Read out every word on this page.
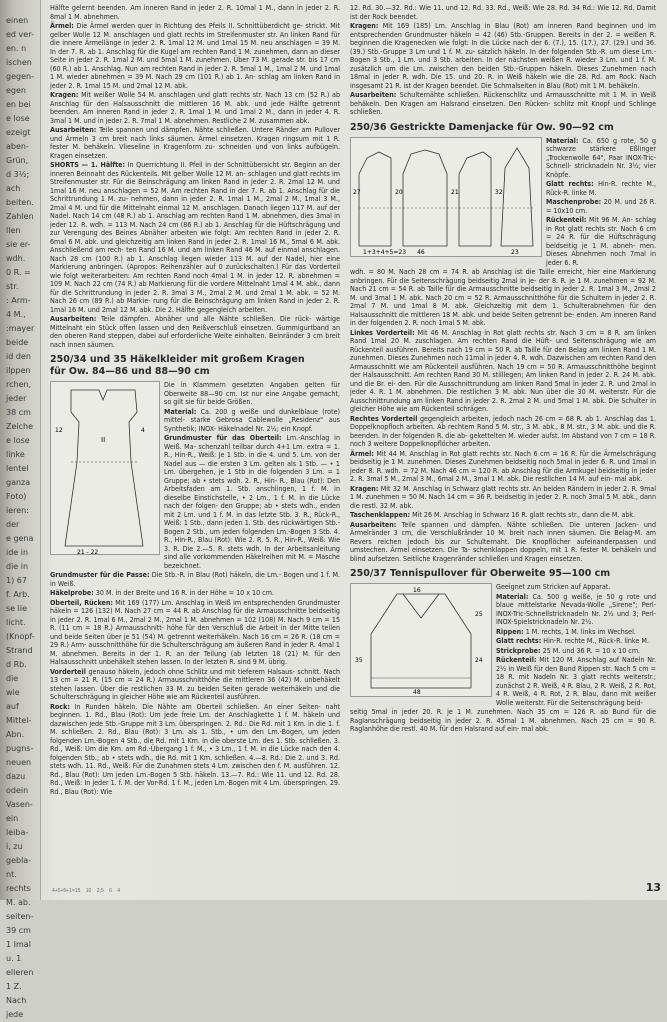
einen
ed ver-
en. n
ischen
gegen-
egen
en bei
e lose
ezeigt
aben-
Grün,
d 3½;
ach
beiten.
Zahlen
llen
sie er-
wdh.
0 R. =
str.
: Arm-
4 M.,
:mayer
beide
id den
ilppen
rchen,
jeder
38 cm
Zeiche
e lose
linke
lentel
ganza
Foto)
ieren:
der
e gena
ide in
die in
1) 67
f. Arb.
se lie
licht.
(Knopf-
Strand
d Rb.
die
wie
auf
Mittel-
Abn.
pugns-
neuen
dazu
odein
Vasen-
ein
leiba-
i, zu
gebla-
nt.
rechts
M. ab.
seiten-
39 cm
1 Imal
u. 1
elleren
1 Z.
Nach
jede

Hälfte gelernt beenden. Am inneren Rand in jeder 2. R. 10mal 1 M., dann in jeder 2. R. 8mal 1 M. abnehmen.

Ärmel: Die Ärmel werden quer in Richtung des Pfeils II. Schnittüberdicht ge- strickt. Mit gelber Wolle 12 M. anschlagen und glatt rechts im Streifenmuster str. An linken Rand für die innere Ärmellänge in jeder 2. R. 1mal 12 M. und 1mal 15 M. neu anschlagen = 39 M. In der 7. R. ab 1. Anschlag für die Kugel am rechten Rand 1 M. zunehmen, dann an dieser Seite in jeder 2. R. 1mal 2 M. und 5mal 1 M. zunehmen. Über 73 M. gerade str. bis 17 cm (60 R.) ab 1. Anschlag. Nun am rechten Rand in jeder 2. R. 5mal 1 M., 1mal 2 M. und 1mal 1 M. wieder abnehmen = 39 M. Nach 29 cm (101 R.) ab 1. An- schlag am linken Rand in jeder 2. R. 1mal 15 M. und 2mal 12 M. abk.

Kragen: Mit weißer Wolle 54 M. anschlagen und glatt rechts str. Nach 13 cm (52 R.) ab Anschlag für den Halsausschnitt die mittleren 16 M. abk. und jede Hälfte getrennt beenden. Am inneren Rand in jeder 2. R. 1mal 1 M. und 1mal 2 M., dann in jeder 4. R. 3mal 1 M. und in jeder 2. R. 7mal 1 M. abnehmen. Restliche 2 M. zusammen abk.

Ausarbeiten: Teile spannen und dämpfen. Nähte schließen. Untere Ränder am Pullover und Ärmeln 3 cm breit nach links säumen. Ärmel einsetzen. Kragen ringsum mit 1 R. fester M. behäkeln. Vlieseline in Kragenform zu- schneiden und von links aufbügeln. Kragen einsetzen.

SHORTS — 1. Hälfte: In Querrichtung II. Pfeil in der Schnittübersicht str. Beginn an der inneren Beinnaht des Rückenteils. Mit gelber Wolle 12 M. an- schlagen und glatt rechts im Streifenmuster str. Für die Beinschrägung am linken Rand in jeder 2. R. 2mal 12 M. und 1mal 16 M. neu anschlagen = 52 M. Am rechten Rand in der 7. R. ab 1. Anschlag für die Schrittrundung 1 M. zu- nehmen, dann in jeder 2. R. 1mal 1 M., 2mal 2 M., 1mal 3 M., 2mal 4 M. und für die Mittelnaht einmal 12 M. anschlagen. Danach liegen 117 M. auf der Nadel. Nach 14 cm (48 R.) ab 1. Anschlag am rechten Rand 1 M. abnehmen, dies 3mal in jeder 12. R. wdh. = 113 M. Nach 24 cm (86 R.) ab 1. Anschlag für die Hüftschrägung und zur Verengung des Beines Abnäher arbeiten wie folgt: Am rechten Rand in jeder 2. R. 6mal 6 M. abk. und gleichzeitig am linken Rand in jeder 2. R. 1mal 16 M., 5mal 6 M. abk. Anschließend am rech- ten Rand 16 M. und am linken Rand 46 M. auf einmal anschlagen. Nach 28 cm (100 R.) ab 1. Anschlag liegen wieder 113 M. auf der Nadel, hier eine Markierung anbringen. (Apropos: Reihenzähler auf 0 zurückschalten.) Für das Vorderteil wie folgt weiterarbeiten: Am rechten Rand noch 4mal 1 M. in jeder 12. R. abnehmen = 109 M. Nach 22 cm (74 R.) ab Markierung für die vordere Mittelnaht 1mal 4 M. abk., dann für die Schrittrundung in jeder 2. R. 3mal 3 M., 2mal 2 M. und 2mal 1 M. abk. = 52 M. Nach 26 cm (89 R.) ab Markie- rung für die Beinschrägung am linken Rand in jeder 2. R. 1mal 16 M. und 2mal 12 M. abk. Die 2. Hälfte gegengleich arbeiten.

Ausarbeiten: Teile dämpfen. Abnäher und alle Nähte schließen. Die rück- wärtige Mittelnaht ein Stück offen lassen und den Reißverschluß einsetzen. Gummigurtband an den oberen Rand steppen, dabei auf erforderliche Weite einhalten. Beinränder 3 cm breit nach innen säumen.

250/34 und 35 Häkelkleider mit großem Kragen
für Ow. 84—86 und 88—90 cm
21 - 22
II
12	4

Die in Klammern gesetzten Angaben gelten für Oberweite 88—90 cm. Ist nur eine Angabe gemacht, so gilt sie für beide Größen.

Material: Ca. 200 g weiße und dunkelblaue (rote) mittel- starke Gebrosa Cablewolle „Residenz" aus Synthetik; INOX- Häkelnadel Nr. 2½; ein Knopf.

Grundmuster für das Oberteil: Lm.-Anschlag in Weiß. Ma- schenzahl teilbar durch 4+1 Lm. extra = 1. R., Hin-R., Weiß: Je 1 Stb. in die 4. und 5. Lm. von der Nadel aus — die ersten 3 Lm. gelten als 1 Stb. — • 1 Lm. übergehen, je 1 Stb in die folgenden 3 Lm. = 1 Gruppe; ab • stets wdh. 2. R., Hin- R., Blau (Rot): Den Arbeitsfaden am 1. Stb. anschlingen, 1 f. M. in dieselbe Einstichstelle, • 2 Lm., 1 f. M. in die Lücke nach der folgen- den Gruppe; ab • stets wdh., enden mit 2 Lm. und 1 f. M. in das letzte Stb. 3. R., Rück-R., Weiß: 1 Stb., dann jeden 1. Stb. des rückwärtigen Stb.-Bogen 2 Stb., um jeden folgenden Lm.-Bogen 3 Stb. 4. R., Hin-R., Blau (Rot): Wie 2. R. 5. R., Hin-R., Weiß: Wie 3. R. Die 2.—5. R. stets wdh. In der Arbeitsanleitung sind alle vorkommenden Häkelreihen mit M. = Masche bezeichnet.

Grundmuster für die Passe: Die Stb.-R. in Blau (Rot) häkeln, die Lm.- Bogen und 1 f. M. in Weiß.

Häkelprobe: 30 M. in der Breite und 16 R. in der Höhe = 10 x 10 cm.

Oberteil, Rücken: Mit 169 (177) Lm. Anschlag in Weiß im entsprechenden Grundmuster häkeln = 126 (132) M. Nach 27 cm = 44 R. ab Anschlag für die Armausschnitte beidseitig in jeder 2. R. 1mal 6 M., 2mal 2 M., 2mal 1 M. abnehmen = 102 (108) M. Nach 9 cm = 15 R. (11 cm = 18 R.) Armausschnitt- höhe für den Verschluß die Arbeit in der Mitte teilen und beide Seiten über je 51 (54) M. getrennt weiterhäkeln. Nach 16 cm = 26 R. (18 cm = 29 R.) Arm- ausschnitthöhe für die Schulterschrägung am äußeren Rand in jeder R. 4mal 1 M. abnehmen. Bereits in der 1. R. an der Teilung (ab letzten 18 (21) M. für den Halsausschnitt unbehäkelt stehen lassen. In der letzten R. sind 9 M. übrig.

Vorderteil genauso häkeln, jedoch ohne Schlitz und mit tieferem Halsaus- schnitt. Nach 13 cm = 21 R. (15 cm = 24 R.) Armausschnitthöhe die mittleren 36 (42) M. unbehäkelt stehen lassen. Über die restlichen 33 M. zu beiden Seiten gerade weiterhäkeln und die Schulterschrägung in gleicher Höhe wie am Rückenteil ausführen.

Rock: In Runden häkeln. Die Nähte am Oberteil schließen. An einer Seiten- naht beginnen. 1. Rd., Blau (Rot): Um jede freie Lm. der Anschlagkette 1 f. M. häkeln und dazwischen jede Stb.-Gruppe mit 3 Lm. überspringen. 2. Rd.: Die Rd. mit 1 Km. in die 1. f. M. schließen. 2. Rd., Blau (Rot): 3 Lm. als 1. Stb., • um den Lm.-Bogen, um jeden folgenden Lm.-Bogen 4 Stb., die Rd. mit 1 Km. in die oberste Lm. des 1. Stb. schließen. 3. Rd., Weiß: Um die Km. am Rd.-Übergang 1 f. M., • 3 Lm., 1 f. M. in die Lücke nach den 4. folgenden Stb.; ab • stets wdh., die Rd. mit 1 Km. schließen. 4.—8. Rd.: Die 2. und 3. Rd. stets wdh. 11. Rd., Weiß: Für die Zunahmen stets 4 Lm. zwischen den f. M. ausführen. 12. Rd., Blau (Rot): Um jeden Lm.-Bogen 5 Stb. häkeln. 13.—7. Rd.: Wie 11. und 12. Rd. 28. Rd., Weiß: In jeder 1. f. M. der Vor-Rd. 1 f. M., jeden Lm.-Bogen mit 4 Lm. überspringen. 29. Rd., Blau (Rot): Wie

12. Rd. 30.—32. Rd.: Wie 11. und 12. Rd. 33. Rd., Weiß: Wie 28. Rd. 34 Rd.: Wie 12. Rd. Damit ist der Rock beendet.

Kragen: Mit 169 (185) Lm. Anschlag in Blau (Rot) am inneren Rand beginnen und im entsprechenden Grundmuster häkeln = 42 (46) Stb.-Gruppen. Bereits in der 2. = weißen R. beginnen die Kragenecken wie folgt: In die Lücke nach der 6. (7.), 15. (17.), 27. (29.) und 36. (39.) Stb.-Gruppe 3 Lm und 1 f. M. zu- sätzlich häkeln. In der folgenden Stb.-R. um diese Lm.-Bogen 3 Stb., 1 Lm. und 3 Stb. arbeiten. In der nächsten weißen R. wieder 3 Lm. und 1 f. M. zusätzlich um die Lm. zwischen den beiden Stb.-Gruppen häkeln. Dieses Zunehmen nach 18mal in jeder R. wdh. Die 15. und 20. R. in Weiß häkeln wie die 28. Rd. am Rock. Nach insgesamt 21 R. ist der Kragen beendet. Die Schmalseiten in Blau (Rot) mit 1 M. behäkeln.

Ausarbeiten: Schulternähte schließen. Rückenschlitz und Armausschnitte mit 1 M. in Weiß behäkeln. Den Kragen am Halsrand einsetzen. Den Rücken- schlitz mit Knopf und Schlinge schließen.

250/36 Gestrickte Damenjacke für Ow. 90—92 cm
1+3+4+5=23 46
27	20	21	32
23

Material: Ca. 650 g rote, 50 g schwarze stärkere Eßlinger „Trockenwolle 64", Paar INOX-Tric-Schnell- stricknadeln Nr. 3½; vier Knöpfe.

Glatt rechts: Hin-R. rechte M., Rück-R. linke M.

Maschenprobe: 20 M. und 26 R. = 10x10 cm.

Rückenteil: Mit 96 M. An- schlag in Rot glatt rechts str. Nach 6 cm = 24 R. für die Hüftschrägung beidseitig je 1 M. abneh- men. Dieses Abnehmen noch 7mal in jeder 6. R.

wdh. = 80 M. Nach 28 cm = 74 R. ab Anschlag ist die Taille erreicht, hier eine Markierung anbringen. Für die Seitenschrägung beidseitig 2mal in je- der 8. R. je 1 M. zunehmen = 92 M. Nach 21 cm = 54 R. ab Taille für die Armausschnitte beidseitig in jeder 2. R. 1mal 3 M., 2mal 2 M. und 3mal 1 M. abk. Nach 20 cm = 52 R. Armausschnitthöhe für die Schultern in jeder 2. R. 2mal 7 M. und 1mal 8 M. abk. Gleichzeitig mit dem 1. Schulterabnehmen für den Halsausschnitt die mittleren 18 M. abk. und beide Seiten getrennt be- enden. Am inneren Rand in der folgenden 2. R. noch 1mal 5 M. abk.

Linkes Vorderteil: Mit 46 M. Anschlag in Rot glatt rechts str. Nach 3 cm = 8 R. am linken Rand 1mal 20 M. zuschlagen. Am rechten Rand die Hüft- und Seitenschrägung wie am Rückenteil ausführen. Bereits nach 19 cm = 50 R. ab Taille für den Belag am linken Rand 1 M. zunehmen. Dieses Zunehmen noch 11mal in jeder 4. R. wdh. Dazwischen am rechten Rand den Armausschnitt wie am Rückenteil ausführen. Nach 19 cm = 50 R. Armausschnitthöhe beginnt der Halsausschnitt. Am rechten Rand 30 M. stilllegen; Am linken Rand in jeder 2. R. 24 M. abk. und die Br. ei- den. Für die Ausschnittrundung am linken Rand 5mal in jeder 2. R. und 2mal in jeder 4. R. 1 M. abnehmen. Die restlichen 3 M. abk. Nun über die 30 M. weiterstr. Für die Ausschnittrundung am linken Rand in jeder 2. R. 2mal 2 M. und 5mal 1 M. abk. Die Schulter in gleicher Höhe wie am Rückenteil schrägen.

Rechtes Vorderteil gegengleich arbeiten, jedoch nach 26 cm = 68 R. ab 1. Anschlag das 1. Doppelknopfloch arbeiten. Ab rechtem Rand 5 M. str., 3 M. abk., 8 M. str., 3 M. abk. und die R. beenden. In der folgenden R. die ab- gekettelten M. wieder aufst. Im Abstand von 7 cm = 18 R. noch 3 weitere Doppelknopflöcher arbeiten.

Ärmel: Mit 44 M. Anschlag in Rot glatt rechts str. Nach 6 cm = 16 R. für die Ärmelschrägung beidseitig je 1 M. zunehmen. Dieses Zunehmen beidseitig noch 5mal in jeder 6. R. und 1mal in jeder 8. R. wdh. = 72 M. Nach 46 cm = 120 R. ab Anschlag für die Armkugel beidseitig in jeder 2. R. 3mal 5 M., 2mal 3 M., 6mal 2 M., 3mal 1 M. abk. Die restlichen 14 M. auf ein- mal abk.

Kragen: Mit 32 M. Anschlag in Schwarz glatt rechts str. An beiden Rändern in jeder 2. R. 9mal 1 M. zunehmen = 50 M. Nach 14 cm = 36 R. beidseitig in jeder 2. R. noch 3mal 5 M. abk., dann die restl. 32 M. abk.

Taschenklappen: Mit 26 M. Anschlag in Schwarz 16 R. glatt rechts str., dann die M. abk.

Ausarbeiten: Teile spannen und dämpfen. Nähte schließen. Die unteren Jacken- und Ärmelränder 3 cm, die Verschlußränder 10 M. breit nach innen säumen. Die Belag-M. am Revers reichen jedoch bis zur Schulternaht. Die Knopflöcher aufeinanderpassen und umstechen. Ärmel einsetzen. Die Ta- schenklappen doppeln, mit 1 R. fester M. behäkeln und blind aufsetzen. Seitliche Kragenränder schließen und Kragen einsetzen.

250/37 Tennispullover für Oberweite 95—100 cm
16
35
25
48
24

Geeignet zum Stricken auf Apparat.

Material: Ca. 500 g weiße, je 50 g rote und blaue mittelstarke Nevada-Wolle „Sirene"; Perl-INOX-Tric-Schnellstricknadeln Nr. 2½ und 3; Perl-INOX-Spielstricknadeln Nr. 2½.

Rippen: 1 M. rechts, 1 M. links im Wechsel.

Glatt rechts: Hin-R. rechte M., Rück-R. linke M.

Strickprobe: 25 M. und 36 R. = 10 x 10 cm.

Rückenteil: Mit 120 M. Anschlag auf Nadeln Nr. 2½ in Weiß für den Bund Rippen str. Nach 5 cm = 18 R. mit Nadeln Nr. 3 glatt rechts weiterstr.; zunächst 2 R. Weiß, 4 R. Blau, 2 R. Weiß, 2 R. Rot, 4 R. Weiß, 4 R. Rot, 2 R. Blau, dann mit weißer Wolle weiterstr. Für die Seitenschrägung beid-

seitig 5mal in jeder 20. R. je 1 M. zunehmen. Nach 35 cm = 126 R. ab Bund für die Raglanschrägung beidseitig in jeder 2. R. 45mal 1 M. abnehmen. Nach 25 cm = 90 R. Raglanhöhe die restl. 40 M. für den Halsrand auf ein- mal abk.

4+5+5+1=15 10 2,5 6 4	13
